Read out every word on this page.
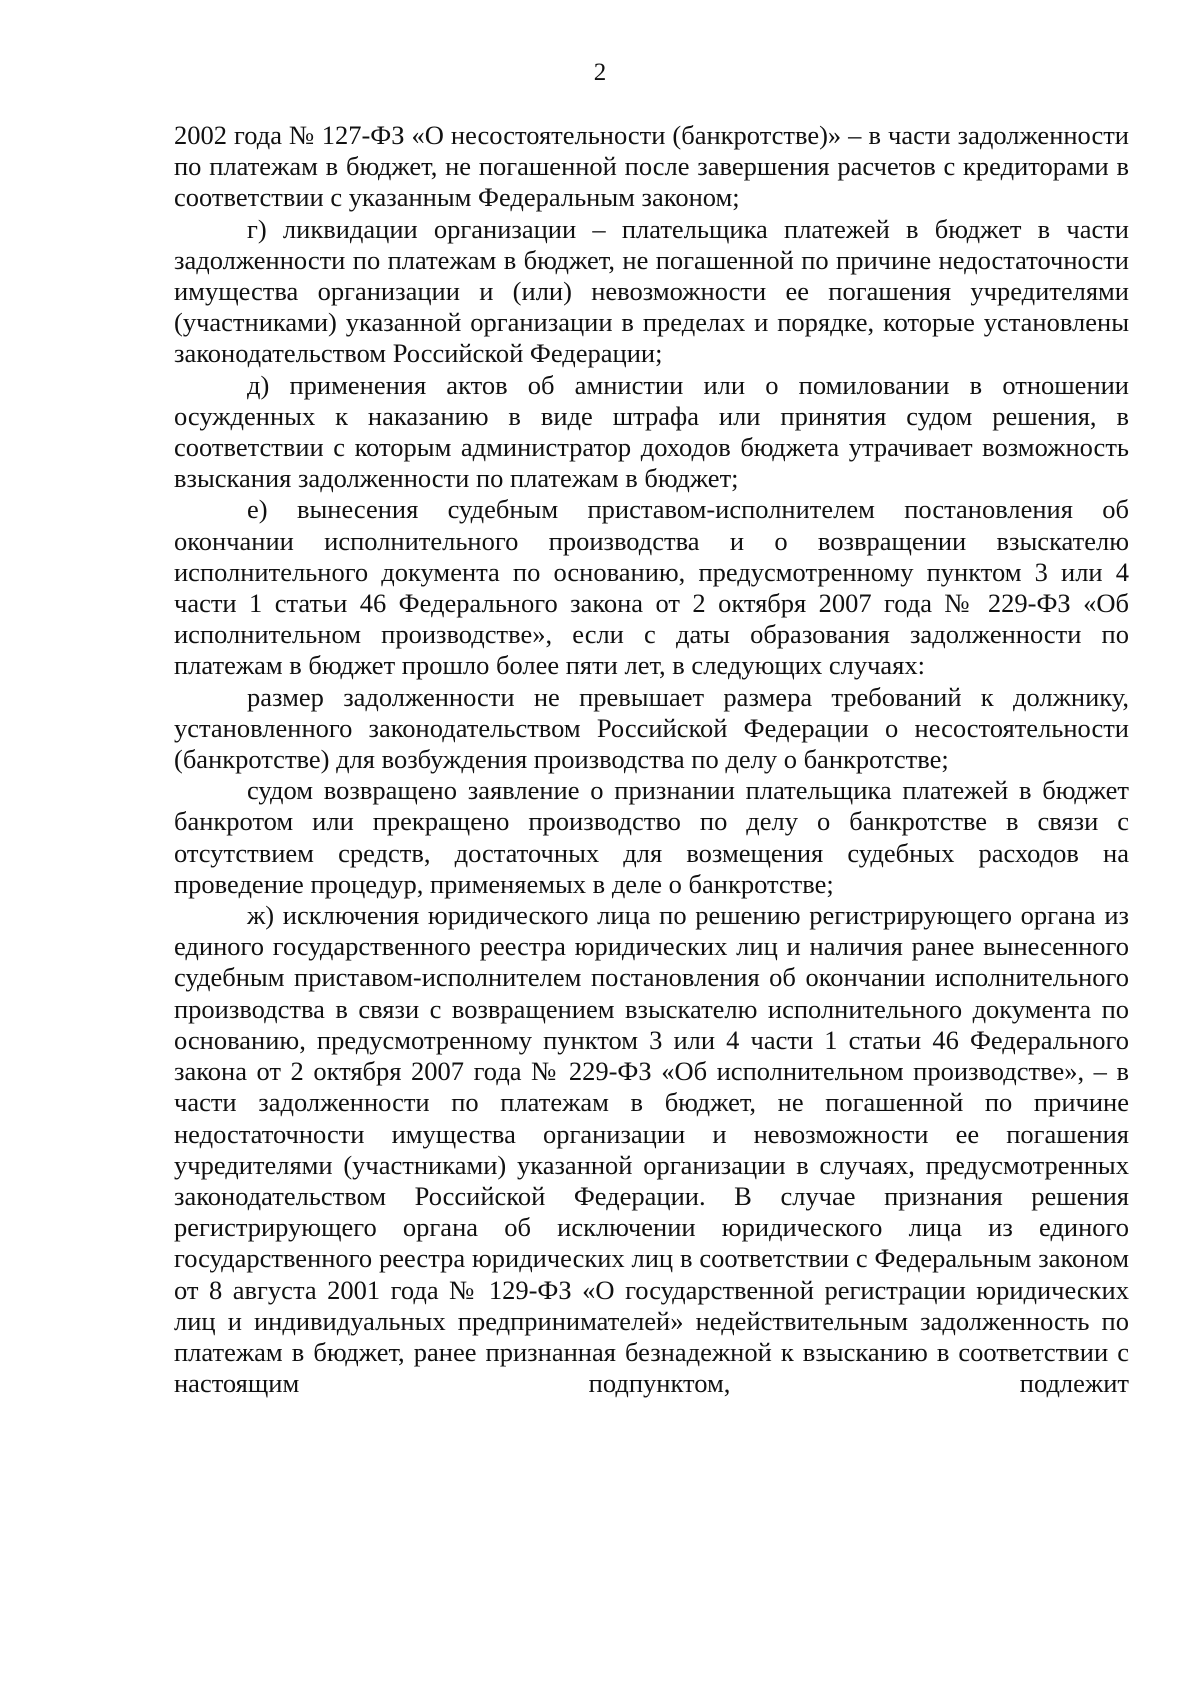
2

2002 года № 127-ФЗ «О несостоятельности (банкротстве)» – в части задолженности по платежам в бюджет, не погашенной после завершения расчетов с кредиторами в соответствии с указанным Федеральным законом;

г) ликвидации организации – плательщика платежей в бюджет в части задолженности по платежам в бюджет, не погашенной по причине недостаточности имущества организации и (или) невозможности ее погашения учредителями (участниками) указанной организации в пределах и порядке, которые установлены законодательством Российской Федерации;

д) применения актов об амнистии или о помиловании в отношении осужденных к наказанию в виде штрафа или принятия судом решения, в соответствии с которым администратор доходов бюджета утрачивает возможность взыскания задолженности по платежам в бюджет;

е) вынесения судебным приставом-исполнителем постановления об окончании исполнительного производства и о возвращении взыскателю исполнительного документа по основанию, предусмотренному пунктом 3 или 4 части 1 статьи 46 Федерального закона от 2 октября 2007 года № 229-ФЗ «Об исполнительном производстве», если с даты образования задолженности по платежам в бюджет прошло более пяти лет, в следующих случаях:

размер задолженности не превышает размера требований к должнику, установленного законодательством Российской Федерации о несостоятельности (банкротстве) для возбуждения производства по делу о банкротстве;

судом возвращено заявление о признании плательщика платежей в бюджет банкротом или прекращено производство по делу о банкротстве в связи с отсутствием средств, достаточных для возмещения судебных расходов на проведение процедур, применяемых в деле о банкротстве;

ж) исключения юридического лица по решению регистрирующего органа из единого государственного реестра юридических лиц и наличия ранее вынесенного судебным приставом-исполнителем постановления об окончании исполнительного производства в связи с возвращением взыскателю исполнительного документа по основанию, предусмотренному пунктом 3 или 4 части 1 статьи 46 Федерального закона от 2 октября 2007 года № 229-ФЗ «Об исполнительном производстве», – в части задолженности по платежам в бюджет, не погашенной по причине недостаточности имущества организации и невозможности ее погашения учредителями (участниками) указанной организации в случаях, предусмотренных законодательством Российской Федерации. В случае признания решения регистрирующего органа об исключении юридического лица из единого государственного реестра юридических лиц в соответствии с Федеральным законом от 8 августа 2001 года № 129-ФЗ «О государственной регистрации юридических лиц и индивидуальных предпринимателей» недействительным задолженность по платежам в бюджет, ранее признанная безнадежной к взысканию в соответствии с настоящим подпунктом, подлежит
